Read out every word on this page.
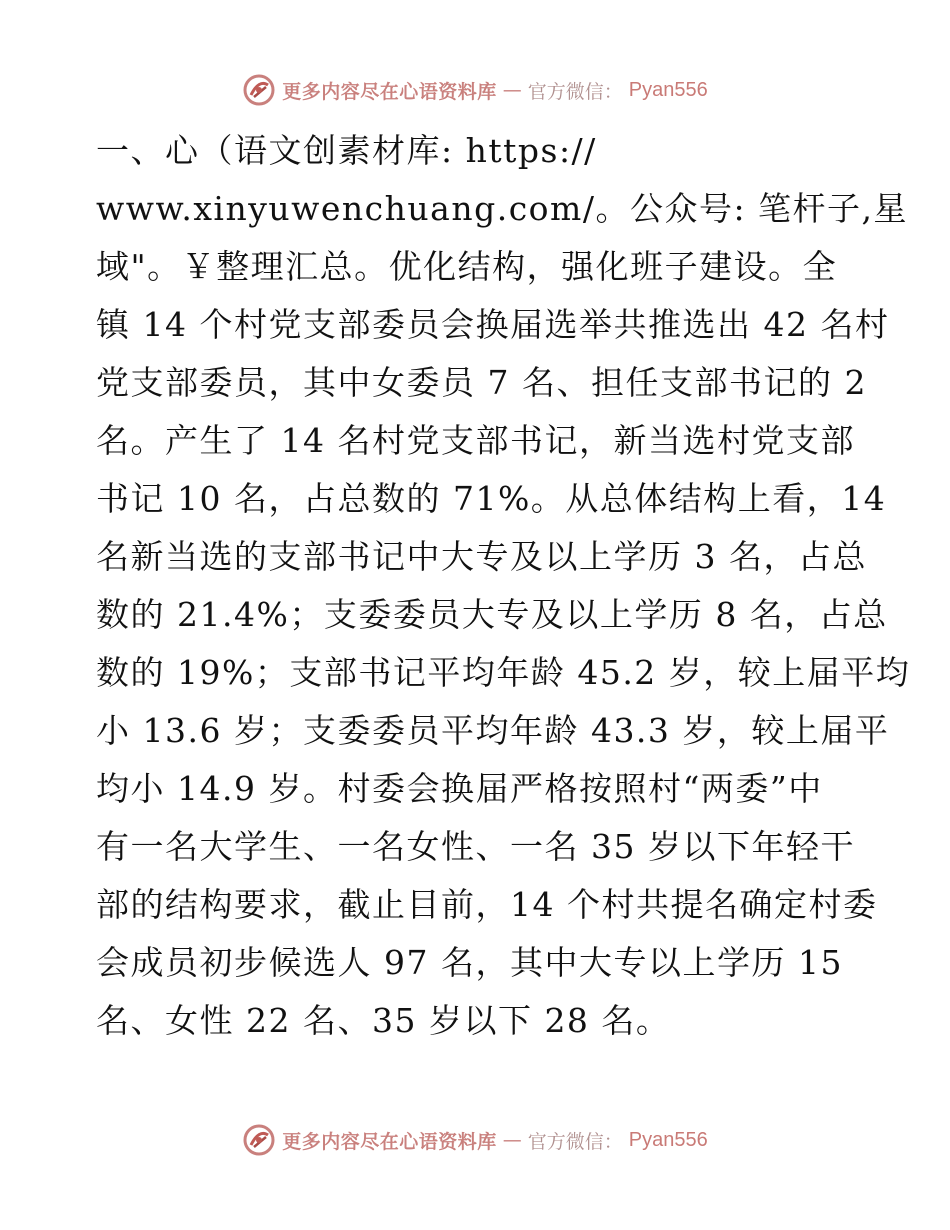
更多内容尽在心语资料库 — 官方微信： Pyan556
一、心（语文创素材库: https://
www.xinyuwenchuang.com/。公众号: 笔杆子,星
域"。￥整理汇总。优化结构，强化班子建设。全
镇 14 个村党支部委员会换届选举共推选出 42 名村
党支部委员，其中女委员 7 名、担任支部书记的 2
名。产生了 14 名村党支部书记，新当选村党支部
书记 10 名，占总数的 71%。从总体结构上看，14
名新当选的支部书记中大专及以上学历 3 名，占总
数的 21.4%；支委委员大专及以上学历 8 名，占总
数的 19%；支部书记平均年龄 45.2 岁，较上届平均
小 13.6 岁；支委委员平均年龄 43.3 岁，较上届平
均小 14.9 岁。村委会换届严格按照村“两委”中
有一名大学生、一名女性、一名 35 岁以下年轻干
部的结构要求，截止目前，14 个村共提名确定村委
会成员初步候选人 97 名，其中大专以上学历 15
名、女性 22 名、35 岁以下 28 名。
更多内容尽在心语资料库 — 官方微信： Pyan556
